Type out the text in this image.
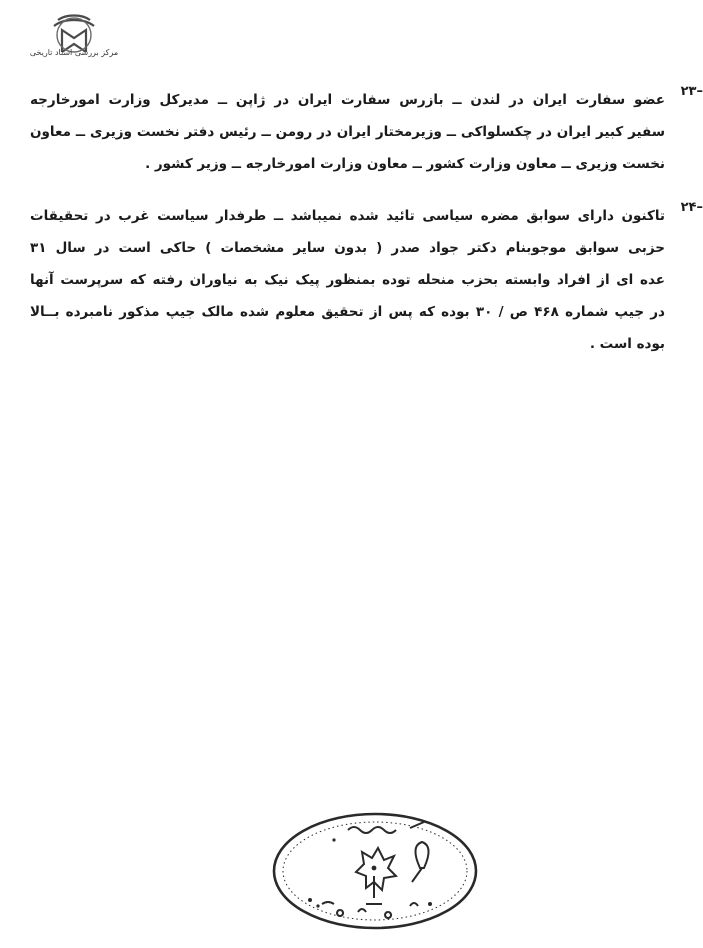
مرکز بررسی اسناد تاریخی
۲۳–
عضو سفارت ایران در لندن ــ بازرس سفارت ایران در ژاپن ــ مدیرکل وزارت امورخارجه
سفیر کبیر ایران در چکسلواکی ــ وزیرمختار ایران در رومن ــ رئیس دفتر نخست وزیری ــ معاون
نخست وزیری ــ معاون وزارت کشور ــ معاون وزارت امورخارجه ــ وزیر کشور .
۲۴–
تاکنون دارای سوابق مضره سیاسی تائید شده نمیباشد ــ طرفدار سیاست غرب در تحقیقات
حزبی سوابق موجوبنام دکتر جواد صدر ( بدون سایر مشخصات ) حاکی است در سال ۳۱
عده ای از افراد وابسته بحزب منحله توده بمنظور پیک نیک به نیاوران رفته که سرپرست آنها
در جیپ شماره ۴۶۸ ص / ۳۰ بوده که پس از تحقیق معلوم شده مالک جیپ مذکور نامبرده بــالا
بوده است .
